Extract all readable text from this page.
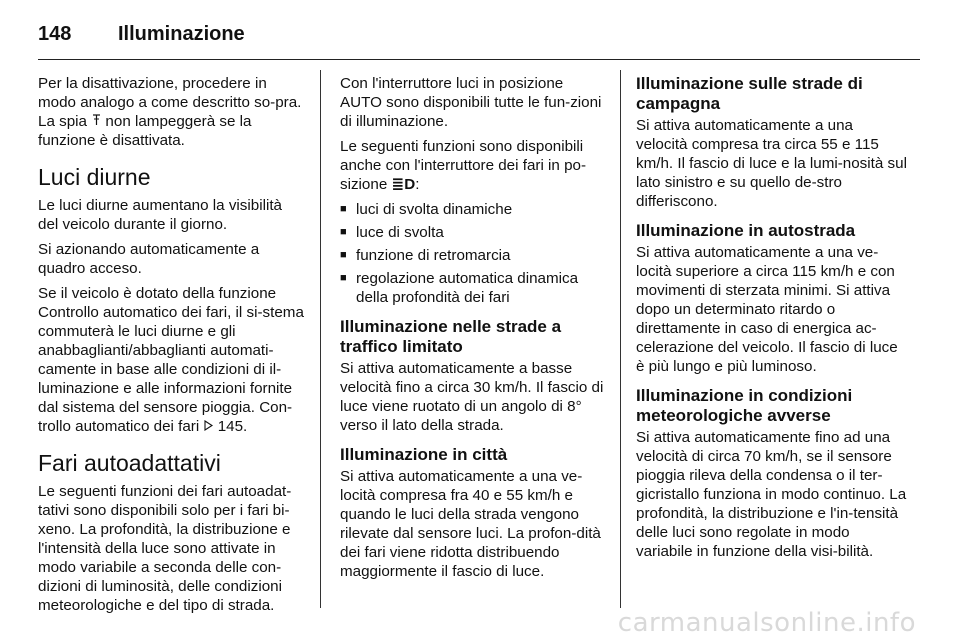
148	Illuminazione

Per la disattivazione, procedere in modo analogo a come descritto so-pra. La spia  non lampeggerà se la funzione è disattivata.

Luci diurne

Le luci diurne aumentano la visibilità del veicolo durante il giorno.

Si azionando automaticamente a quadro acceso.

Se il veicolo è dotato della funzione Controllo automatico dei fari, il si-stema commuterà le luci diurne e gli anabbaglianti/abbaglianti automati-camente in base alle condizioni di il-luminazione e alle informazioni fornite dal sistema del sensore pioggia. Con-trollo automatico dei fari  145.

Fari autoadattativi

Le seguenti funzioni dei fari autoadat-tativi sono disponibili solo per i fari bi-xeno. La profondità, la distribuzione e l'intensità della luce sono attivate in modo variabile a seconda delle con-dizioni di luminosità, delle condizioni meteorologiche e del tipo di strada.

Con l'interruttore luci in posizione AUTO sono disponibili tutte le fun-zioni di illuminazione.

Le seguenti funzioni sono disponibili anche con l'interruttore dei fari in po-sizione ≣D:

■ luci di svolta dinamiche
■ luce di svolta
■ funzione di retromarcia
■ regolazione automatica dinamica della profondità dei fari
Illuminazione nelle strade a traffico limitato

Si attiva automaticamente a basse velocità fino a circa 30 km/h. Il fascio di luce viene ruotato di un angolo di 8° verso il lato della strada.

Illuminazione in città

Si attiva automaticamente a una ve-locità compresa fra 40 e 55 km/h e quando le luci della strada vengono rilevate dal sensore luci. La profon-dità dei fari viene ridotta distribuendo maggiormente il fascio di luce.

Illuminazione sulle strade di campagna

Si attiva automaticamente a una velocità compresa tra circa 55 e 115 km/h. Il fascio di luce e la lumi-nosità sul lato sinistro e su quello de-stro differiscono.

Illuminazione in autostrada

Si attiva automaticamente a una ve-locità superiore a circa 115 km/h e con movimenti di sterzata minimi. Si attiva dopo un determinato ritardo o direttamente in caso di energica ac-celerazione del veicolo. Il fascio di luce è più lungo e più luminoso.

Illuminazione in condizioni meteorologiche avverse

Si attiva automaticamente fino ad una velocità di circa 70 km/h, se il sensore pioggia rileva della condensa o il ter-gicristallo funziona in modo continuo. La profondità, la distribuzione e l'in-tensità delle luci sono regolate in modo variabile in funzione della visi-bilità.

carmanualsonline.info
